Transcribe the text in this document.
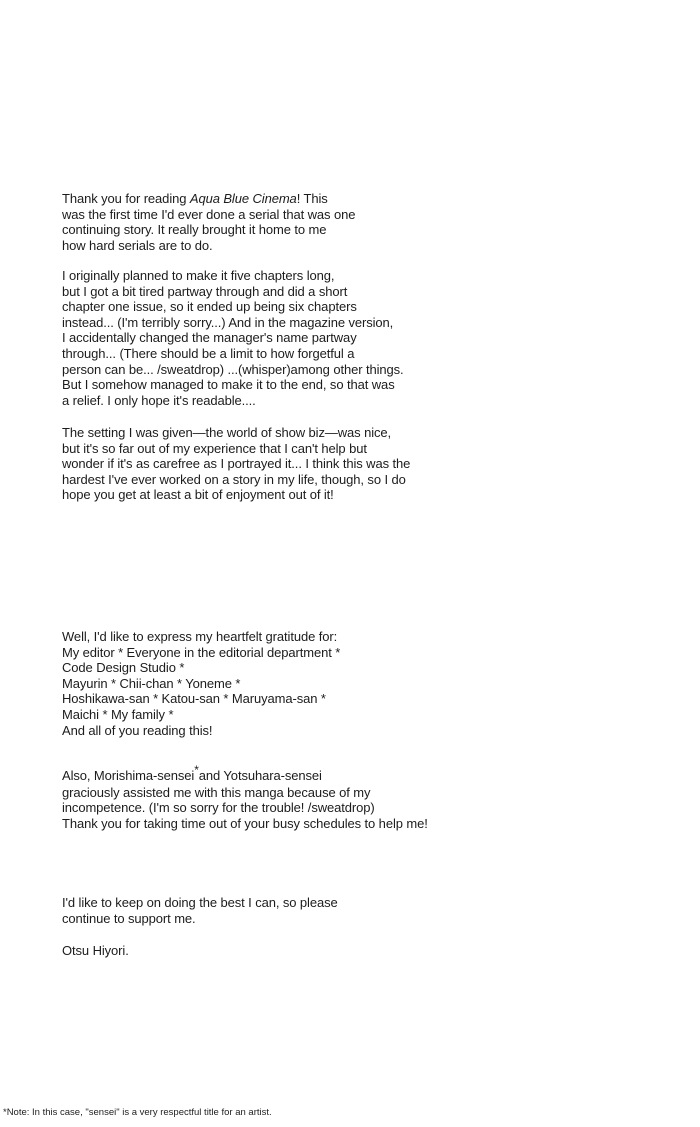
Thank you for reading Aqua Blue Cinema! This
was the first time I'd ever done a serial that was one
continuing story. It really brought it home to me
how hard serials are to do.
I originally planned to make it five chapters long,
but I got a bit tired partway through and did a short
chapter one issue, so it ended up being six chapters
instead... (I'm terribly sorry...) And in the magazine version,
I accidentally changed the manager's name partway
through... (There should be a limit to how forgetful a
person can be... /sweatdrop) ...(whisper)among other things.
But I somehow managed to make it to the end, so that was
a relief. I only hope it's readable....
The setting I was given—the world of show biz—was nice,
but it's so far out of my experience that I can't help but
wonder if it's as carefree as I portrayed it... I think this was the
hardest I've ever worked on a story in my life, though, so I do
hope you get at least a bit of enjoyment out of it!
Well, I'd like to express my heartfelt gratitude for:
My editor * Everyone in the editorial department *
Code Design Studio *
Mayurin * Chii-chan * Yoneme *
Hoshikawa-san * Katou-san * Maruyama-san *
Maichi * My family *
And all of you reading this!
Also, Morishima-sensei*and Yotsuhara-sensei
graciously assisted me with this manga because of my
incompetence. (I'm so sorry for the trouble! /sweatdrop)
Thank you for taking time out of your busy schedules to help me!
I'd like to keep on doing the best I can, so please
continue to support me.
Otsu Hiyori.
*Note: In this case, "sensei" is a very respectful title for an artist.
